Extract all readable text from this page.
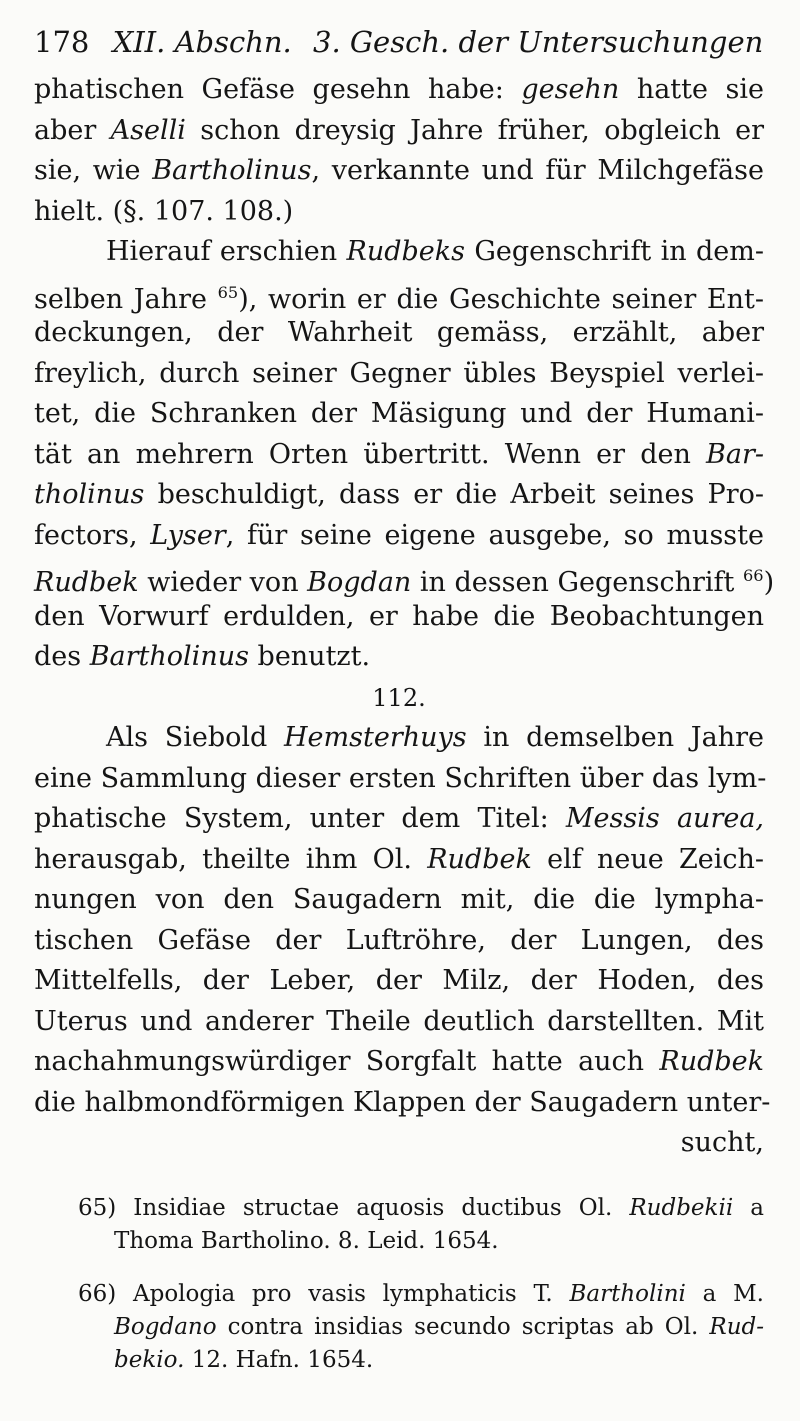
178 XII. Abschn. 3. Gesch. der Untersuchungen
phatischen Gefäse gesehn habe: gesehn hatte sie
aber Aselli schon dreysig Jahre früher, obgleich er
sie, wie Bartholinus, verkannte und für Milchgefäse
hielt. (§. 107. 108.)
Hierauf erschien Rudbeks Gegenschrift in dem-
selben Jahre $^{65}$), worin er die Geschichte seiner Ent-
deckungen, der Wahrheit gemäss, erzählt, aber
freylich, durch seiner Gegner übles Beyspiel verlei-
tet, die Schranken der Mäsigung und der Humani-
tät an mehrern Orten übertritt. Wenn er den Bar-
tholinus beschuldigt, dass er die Arbeit seines Pro-
fectors, Lyser, für seine eigene ausgebe, so musste
Rudbek wieder von Bogdan in dessen Gegenschrift $^{66}$)
den Vorwurf erdulden, er habe die Beobachtungen
des Bartholinus benutzt.
112.
Als Siebold Hemsterhuys in demselben Jahre
eine Sammlung dieser ersten Schriften über das lym-
phatische System, unter dem Titel: Messis aurea,
herausgab, theilte ihm Ol. Rudbek elf neue Zeich-
nungen von den Saugadern mit, die die lympha-
tischen Gefäse der Luftröhre, der Lungen, des
Mittelfells, der Leber, der Milz, der Hoden, des
Uterus und anderer Theile deutlich darstellten. Mit
nachahmungswürdiger Sorgfalt hatte auch Rudbek
die halbmondförmigen Klappen der Saugadern unter-
sucht,
65) Insidiae structae aquosis ductibus Ol. Rudbekii a
Thoma Bartholino. 8. Leid. 1654.
66) Apologia pro vasis lymphaticis T. Bartholini a M.
Bogdano contra insidias secundo scriptas ab Ol. Rud-
bekio. 12. Hafn. 1654.
